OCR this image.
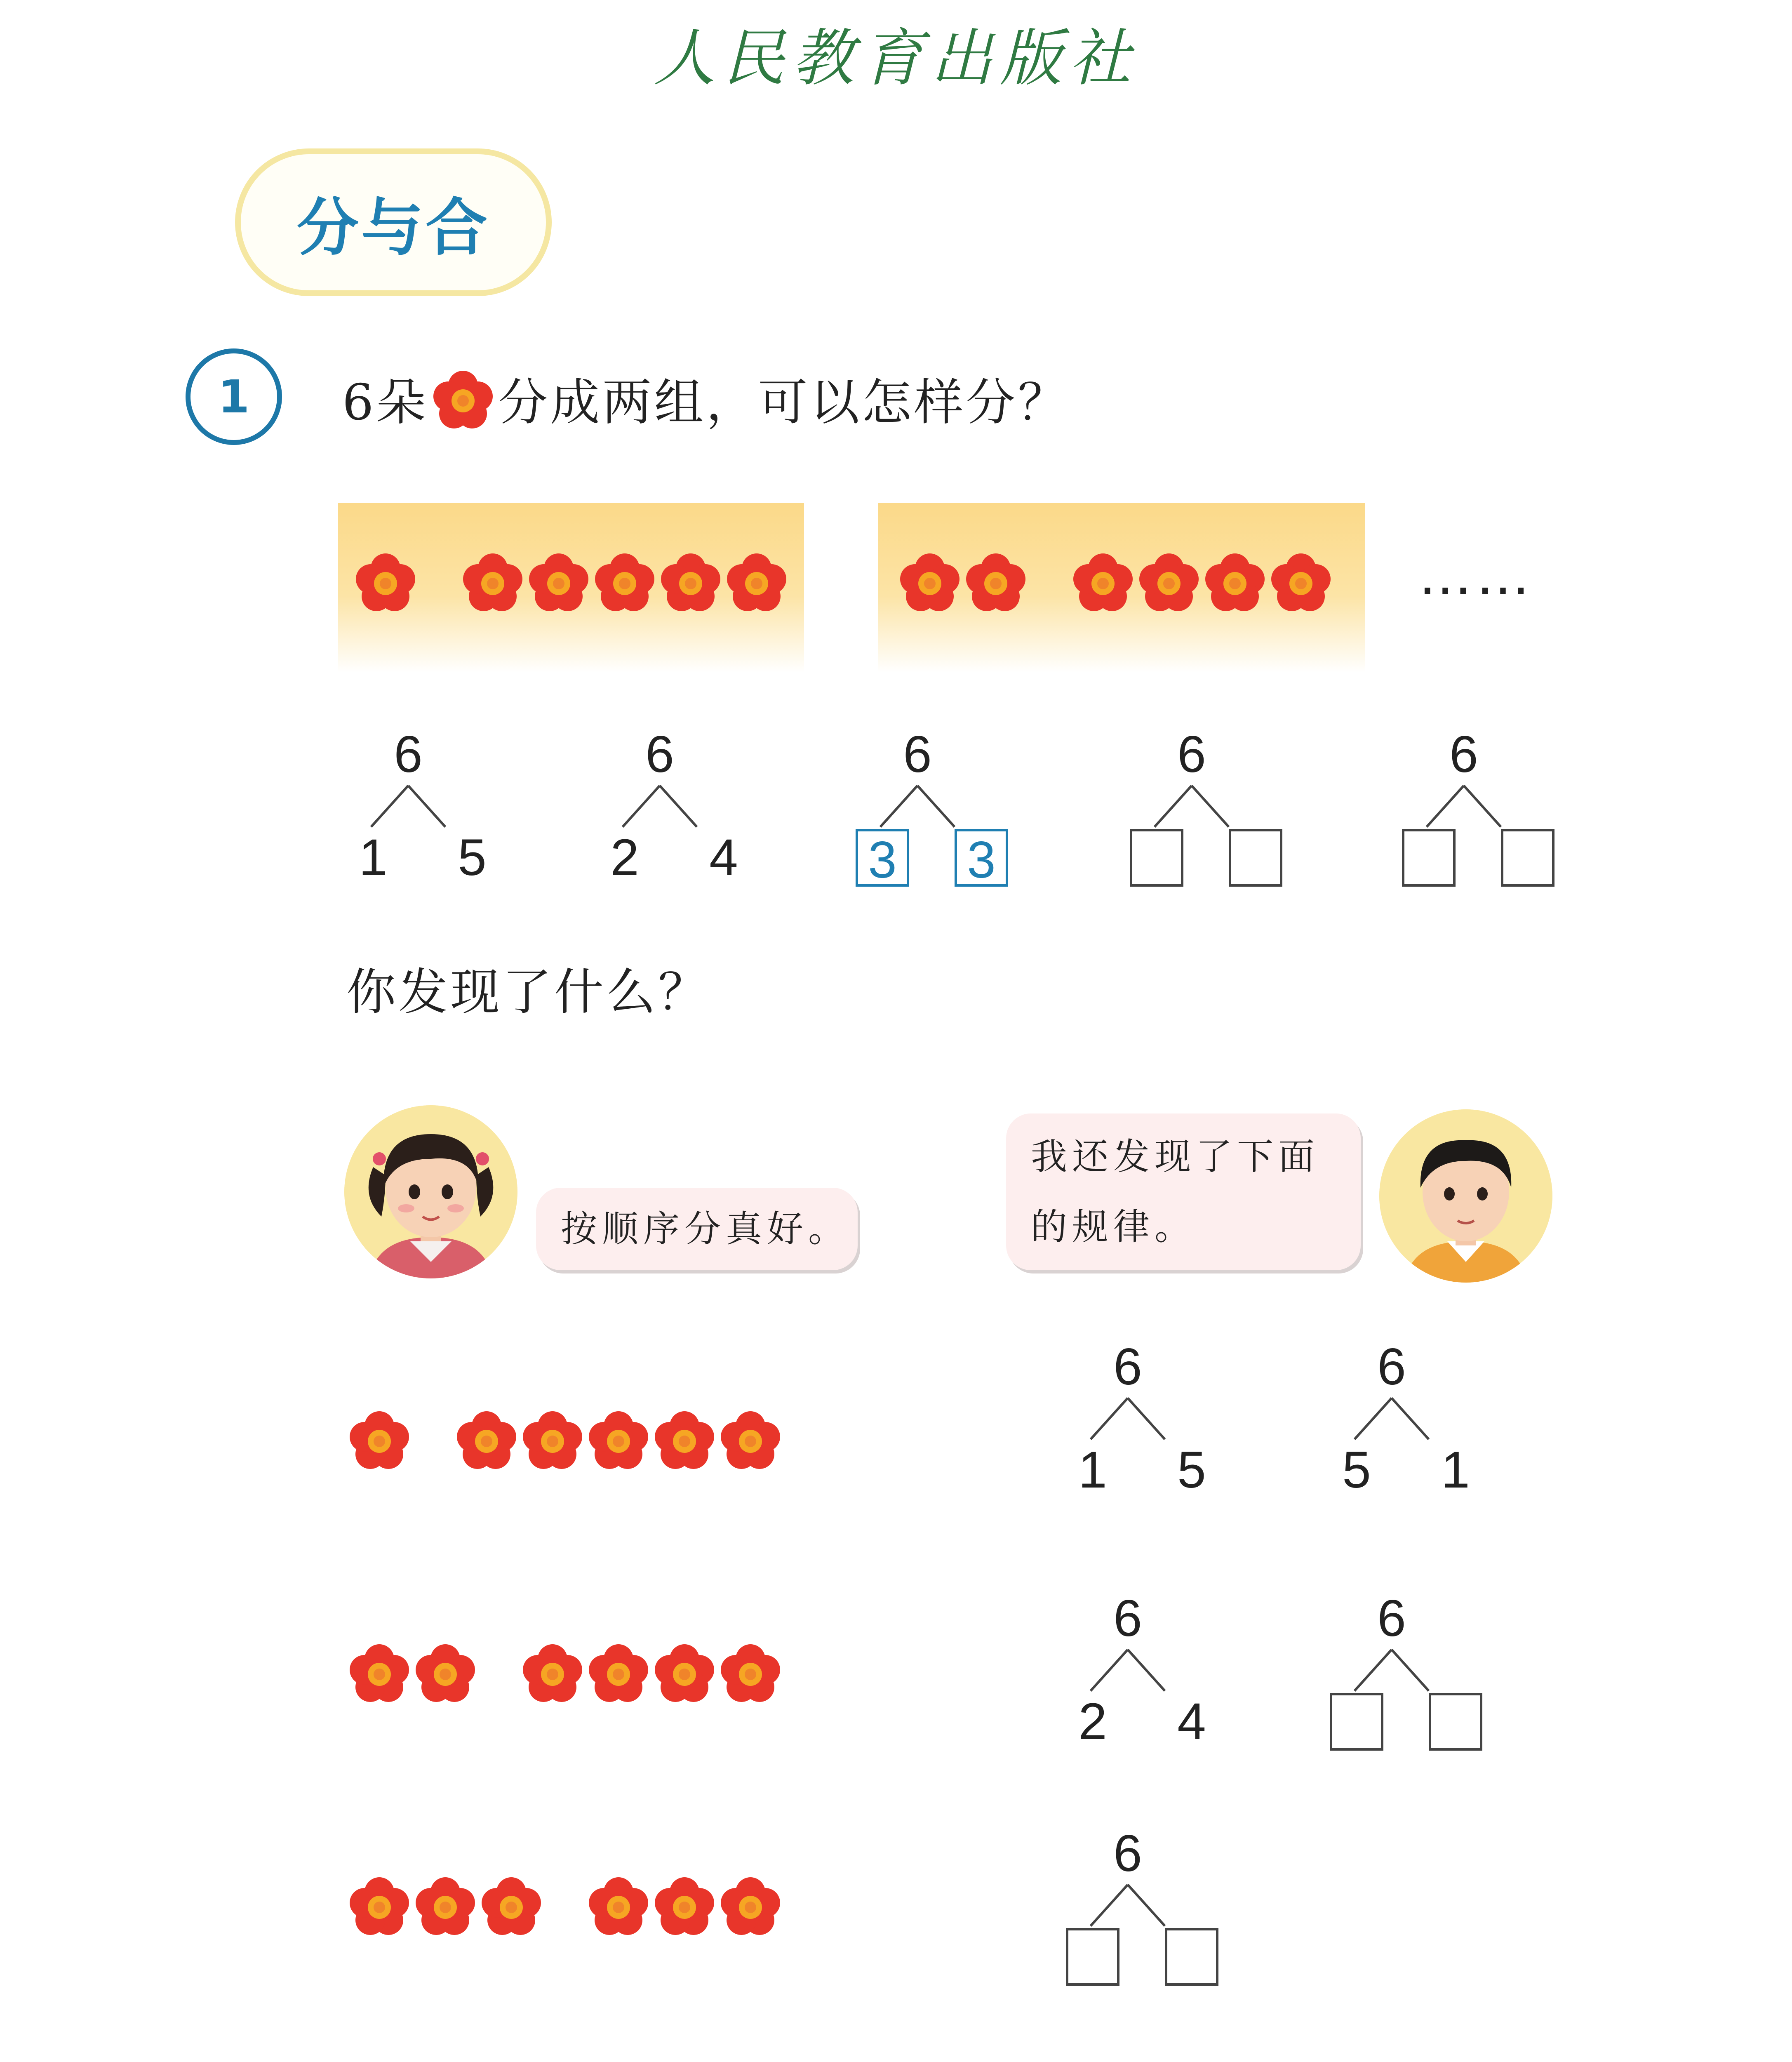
人民教育出版社
分与合
1 6朵 分成两组，可以怎样分？
……
6
1 5
6
2 4
6
3 3
6	6
你发现了什么？
按顺序分真好。
我还发现了下面
的规律。
6
1 5
6
5 1
6
2 4
6
6
